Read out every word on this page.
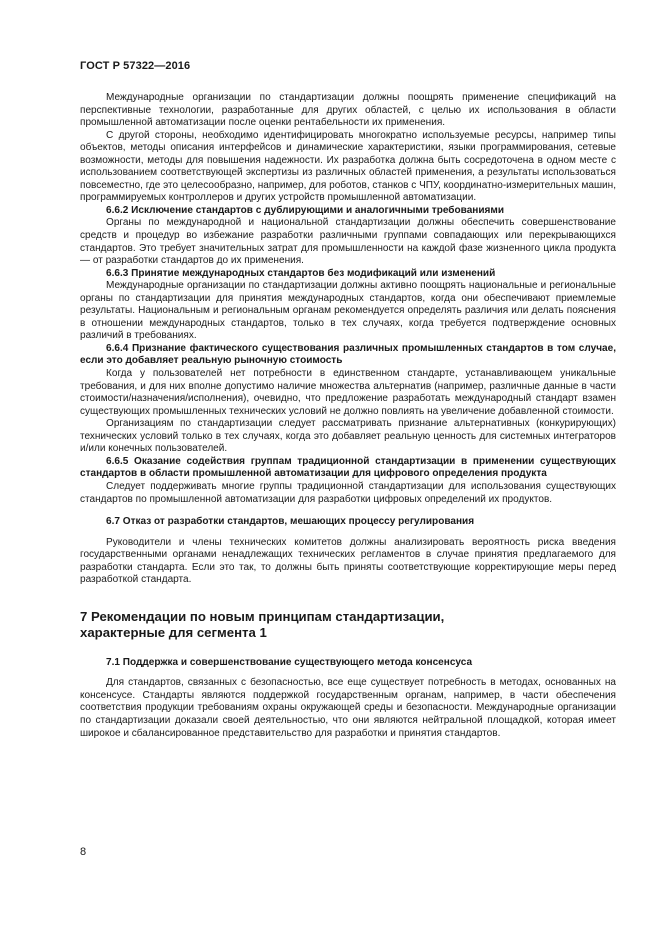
ГОСТ Р 57322—2016

Международные организации по стандартизации должны поощрять применение спецификаций на перспективные технологии, разработанные для других областей, с целью их использования в области промышленной автоматизации после оценки рентабельности их применения.

С другой стороны, необходимо идентифицировать многократно используемые ресурсы, например типы объектов, методы описания интерфейсов и динамические характеристики, языки программирования, сетевые возможности, методы для повышения надежности. Их разработка должна быть сосредоточена в одном месте с использованием соответствующей экспертизы из различных областей применения, а результаты использоваться повсеместно, где это целесообразно, например, для роботов, станков с ЧПУ, координатно-измерительных машин, программируемых контроллеров и других устройств промышленной автоматизации.

6.6.2 Исключение стандартов с дублирующими и аналогичными требованиями

Органы по международной и национальной стандартизации должны обеспечить совершенствование средств и процедур во избежание разработки различными группами совпадающих или перекрывающихся стандартов. Это требует значительных затрат для промышленности на каждой фазе жизненного цикла продукта — от разработки стандартов до их применения.

6.6.3 Принятие международных стандартов без модификаций или изменений

Международные организации по стандартизации должны активно поощрять национальные и региональные органы по стандартизации для принятия международных стандартов, когда они обеспечивают приемлемые результаты. Национальным и региональным органам рекомендуется определять различия или делать пояснения в отношении международных стандартов, только в тех случаях, когда требуется подтверждение основных различий в требованиях.

6.6.4 Признание фактического существования различных промышленных стандартов в том случае, если это добавляет реальную рыночную стоимость

Когда у пользователей нет потребности в единственном стандарте, устанавливающем уникальные требования, и для них вполне допустимо наличие множества альтернатив (например, различные данные в части стоимости/назначения/исполнения), очевидно, что предложение разработать международный стандарт взамен существующих промышленных технических условий не должно повлиять на увеличение добавленной стоимости.

Организациям по стандартизации следует рассматривать признание альтернативных (конкурирующих) технических условий только в тех случаях, когда это добавляет реальную ценность для системных интеграторов и/или конечных пользователей.

6.6.5 Оказание содействия группам традиционной стандартизации в применении существующих стандартов в области промышленной автоматизации для цифрового определения продукта

Следует поддерживать многие группы традиционной стандартизации для использования существующих стандартов по промышленной автоматизации для разработки цифровых определений их продуктов.

6.7 Отказ от разработки стандартов, мешающих процессу регулирования

Руководители и члены технических комитетов должны анализировать вероятность риска введения государственными органами ненадлежащих технических регламентов в случае принятия предлагаемого для разработки стандарта. Если это так, то должны быть приняты соответствующие корректирующие меры перед разработкой стандарта.

7 Рекомендации по новым принципам стандартизации,

характерные для сегмента 1

7.1 Поддержка и совершенствование существующего метода консенсуса

Для стандартов, связанных с безопасностью, все еще существует потребность в методах, основанных на консенсусе. Стандарты являются поддержкой государственным органам, например, в части обеспечения соответствия продукции требованиям охраны окружающей среды и безопасности. Международные организации по стандартизации доказали своей деятельностью, что они являются нейтральной площадкой, которая имеет широкое и сбалансированное представительство для разработки и принятия стандартов.

8
